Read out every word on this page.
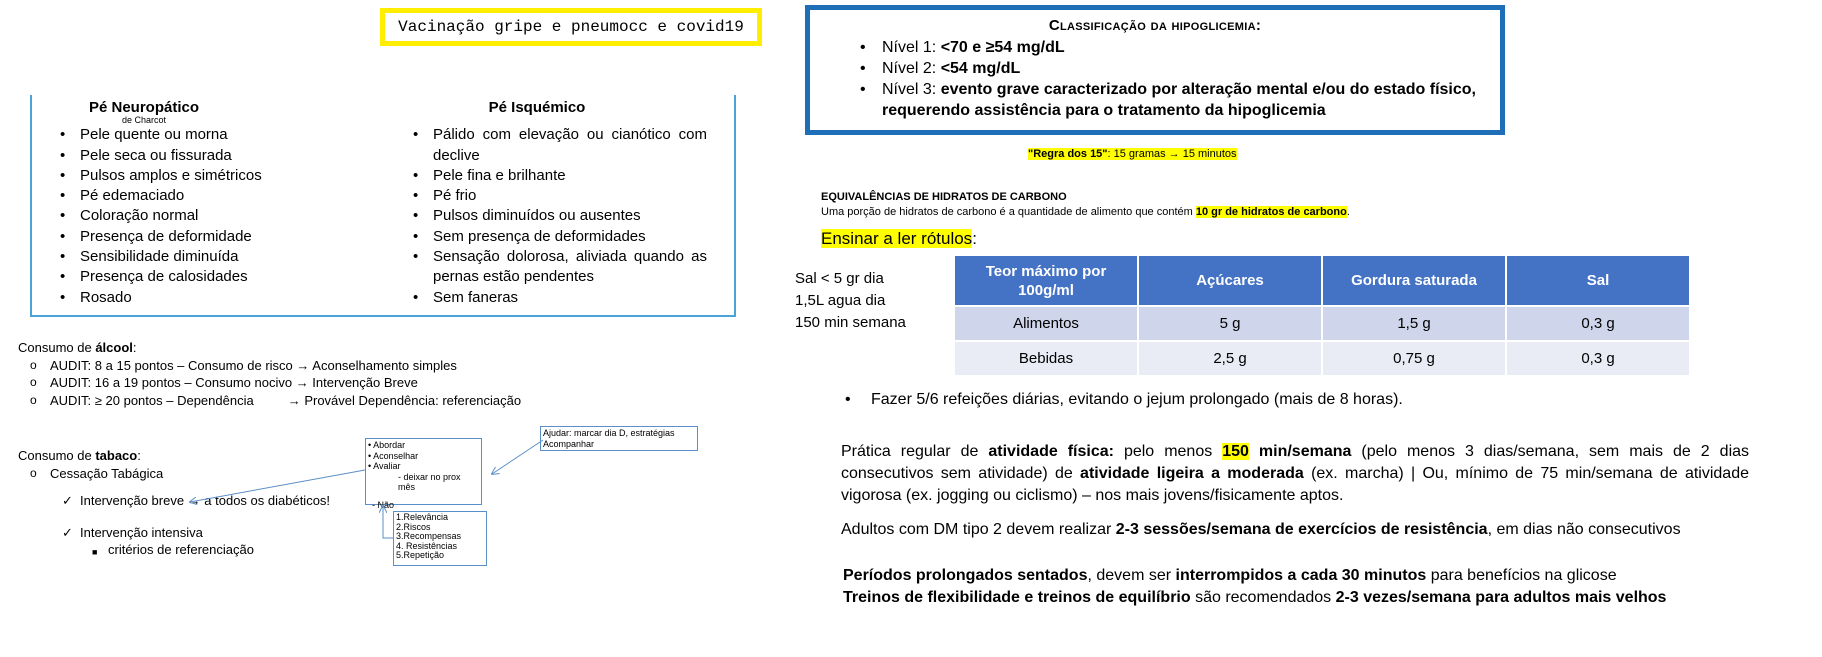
Vacinação gripe e pneumocc e covid19
Pé Neuropático
de Charcot
• Pele quente ou morna
• Pele seca ou fissurada
• Pulsos amplos e simétricos
• Pé edemaciado
• Coloração normal
• Presença de deformidade
• Sensibilidade diminuída
• Presença de calosidades
• Rosado
Pé Isquémico
• Pálido com elevação ou cianótico com declive
• Pele fina e brilhante
• Pé frio
• Pulsos diminuídos ou ausentes
• Sem presença de deformidades
• Sensação dolorosa, aliviada quando as pernas estão pendentes
• Sem faneras
Consumo de álcool:
o AUDIT: 8 a 15 pontos – Consumo de risco → Aconselhamento simples
o AUDIT: 16 a 19 pontos – Consumo nocivo → Intervenção Breve
o AUDIT: ≥ 20 pontos – Dependência	→ Provável Dependência: referenciação
Consumo de tabaco:
o Cessação Tabágica
✓ Intervenção breve → a todos os diabéticos!
✓ Intervenção intensiva
■ critérios de referenciação
• Abordar
• Aconselhar
• Avaliar
- deixar no prox mês
- Não
Ajudar: marcar dia D, estratégias
Acompanhar
1.Relevância
2.Riscos
3.Recompensas
4. Resistências
5.Repetição
Classificação da hipoglicemia:
• Nível 1: <70 e ≥54 mg/dL
• Nível 2: <54 mg/dL
• Nível 3: evento grave caracterizado por alteração mental e/ou do estado físico, requerendo assistência para o tratamento da hipoglicemia
"Regra dos 15": 15 gramas → 15 minutos
EQUIVALÊNCIAS DE HIDRATOS DE CARBONO
Uma porção de hidratos de carbono é a quantidade de alimento que contém 10 gr de hidratos de carbono.
Ensinar a ler rótulos:
Sal < 5 gr dia
1,5L agua dia
150 min semana
Teor máximo por 100g/ml	Açúcares	Gordura saturada	Sal
Alimentos	5 g	1,5 g	0,3 g
Bebidas	2,5 g	0,75 g	0,3 g
• Fazer 5/6 refeições diárias, evitando o jejum prolongado (mais de 8 horas).
Prática regular de atividade física: pelo menos 150 min/semana (pelo menos 3 dias/semana, sem mais de 2 dias consecutivos sem atividade) de atividade ligeira a moderada (ex. marcha) | Ou, mínimo de 75 min/semana de atividade vigorosa (ex. jogging ou ciclismo) – nos mais jovens/fisicamente aptos.
Adultos com DM tipo 2 devem realizar 2-3 sessões/semana de exercícios de resistência, em dias não consecutivos
Períodos prolongados sentados, devem ser interrompidos a cada 30 minutos para benefícios na glicose
Treinos de flexibilidade e treinos de equilíbrio são recomendados 2-3 vezes/semana para adultos mais velhos
